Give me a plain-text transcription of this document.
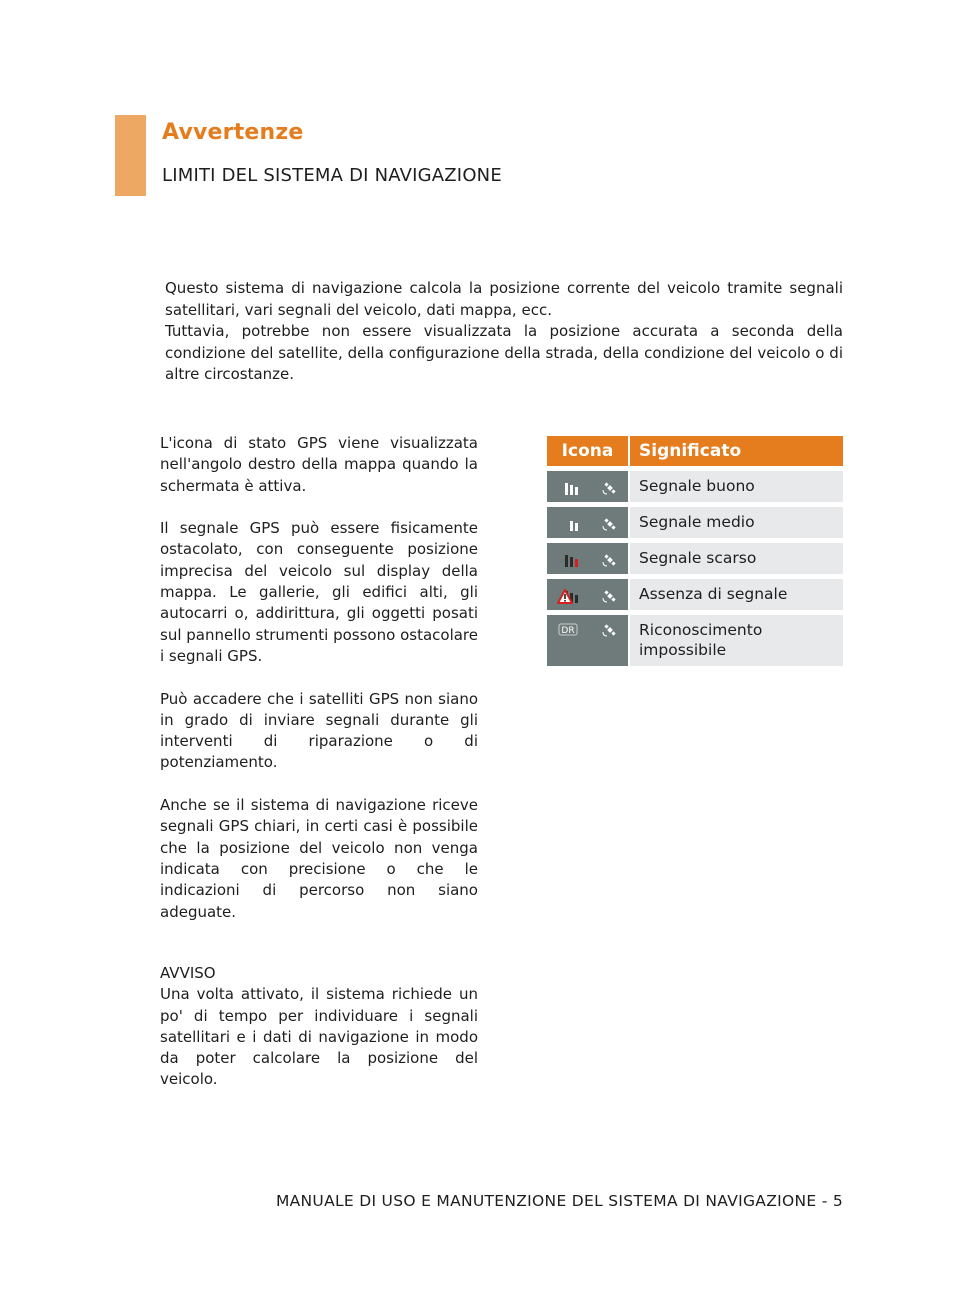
Avvertenze
LIMITI DEL SISTEMA DI NAVIGAZIONE
Questo sistema di navigazione calcola la posizione corrente del veicolo tramite segnali satellitari, vari segnali del veicolo, dati mappa, ecc.
Tuttavia, potrebbe non essere visualizzata la posizione accurata a seconda della condizione del satellite, della configurazione della strada, della condizione del veicolo o di altre circostanze.

L'icona di stato GPS viene visualizzata nell'angolo destro della mappa quando la schermata è attiva.

Il segnale GPS può essere fisicamente ostacolato, con conseguente posizione imprecisa del veicolo sul display della mappa. Le gallerie, gli edifici alti, gli autocarri o, addirittura, gli oggetti posati sul pannello strumenti possono ostacolare i segnali GPS.

Può accadere che i satelliti GPS non siano in grado di inviare segnali durante gli interventi di riparazione o di potenziamento.

Anche se il sistema di navigazione riceve segnali GPS chiari, in certi casi è possibile che la posizione del veicolo non venga indicata con precisione o che le indicazioni di percorso non siano adeguate.

AVVISO
Una volta attivato, il sistema richiede un po' di tempo per individuare i segnali satellitari e i dati di navigazione in modo da poter calcolare la posizione del veicolo.
Icona	Significato

	Segnale buono

	Segnale medio

	Segnale scarso

	Assenza di segnale

DR	Riconoscimento impossibile
MANUALE DI USO E MANUTENZIONE DEL SISTEMA DI NAVIGAZIONE - 5
